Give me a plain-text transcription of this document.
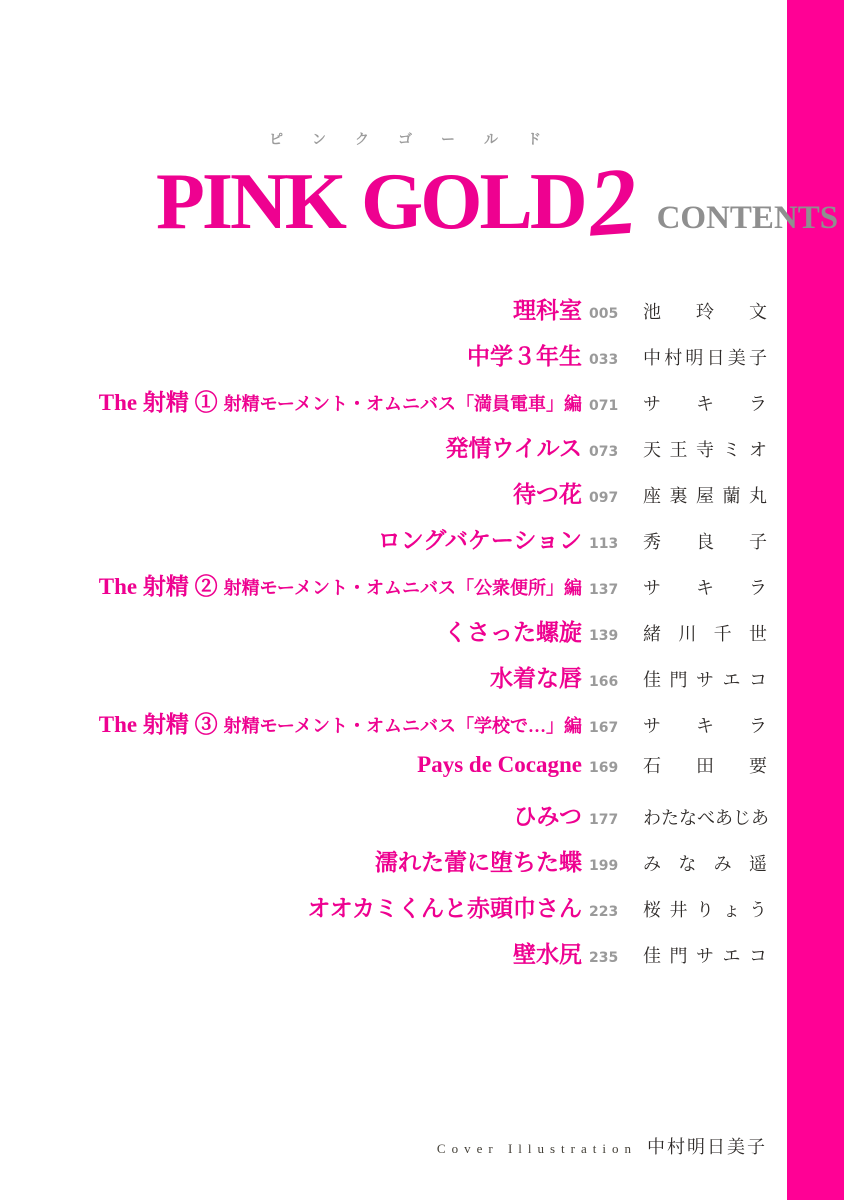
ピ ン ク ゴ ー ル ド
PINK GOLD 2 CONTENTS
理科室 005 池 玲 文
中学３年生 033 中村明日美子
The 射精 ① 射精モーメント・オムニバス「満員電車」編 071 サ キ ラ
発情ウイルス 073 天 王 寺 ミ オ
待つ花 097 座 裏 屋 蘭 丸
ロングバケーション 113 秀 良 子
The 射精 ② 射精モーメント・オムニバス「公衆便所」編 137 サ キ ラ
くさった螺旋 139 緒 川 千 世
水着な唇 166 佳 門 サ エ コ
The 射精 ③ 射精モーメント・オムニバス「学校で…」編 167 サ キ ラ
Pays de Cocagne 169 石 田 要
ひみつ 177 わたなべあじあ
濡れた蕾に堕ちた蝶 199 み な み 遥
オオカミくんと赤頭巾さん 223 桜 井 り ょ う
壁水尻 235 佳 門 サ エ コ
Cover Illustration 中村明日美子
